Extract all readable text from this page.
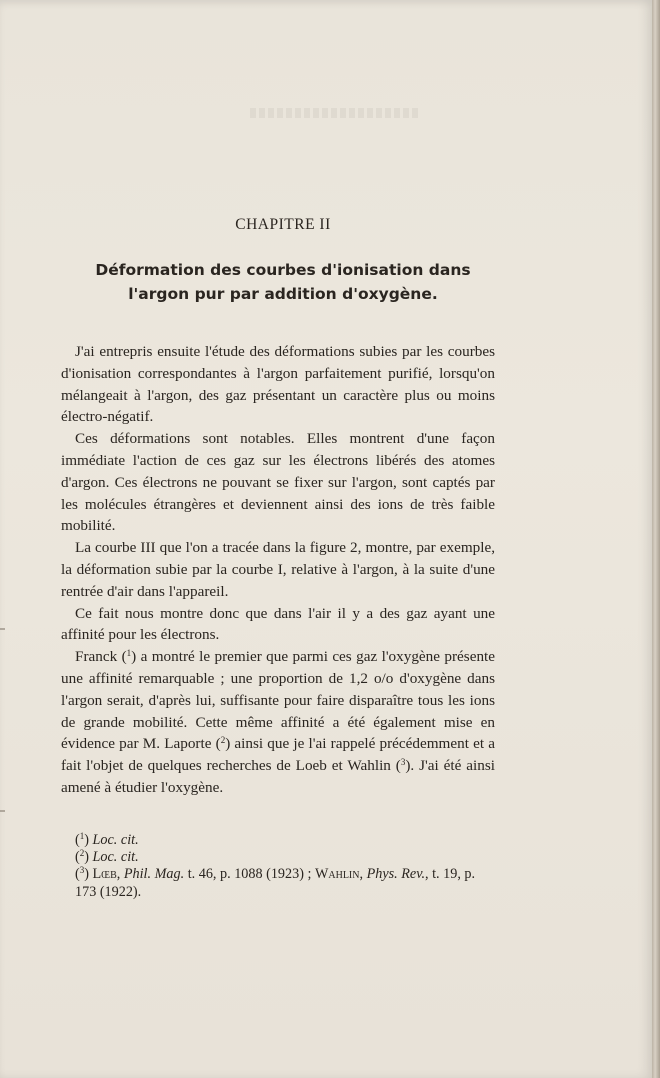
CHAPITRE II
Déformation des courbes d'ionisation dans
l'argon pur par addition d'oxygène.

J'ai entrepris ensuite l'étude des déformations subies par les courbes d'ionisation correspondantes à l'argon parfaitement purifié, lorsqu'on mélangeait à l'argon, des gaz présentant un caractère plus ou moins électro-négatif.

Ces déformations sont notables. Elles montrent d'une façon immédiate l'action de ces gaz sur les électrons libérés des atomes d'argon. Ces électrons ne pouvant se fixer sur l'argon, sont captés par les molécules étrangères et deviennent ainsi des ions de très faible mobilité.

La courbe III que l'on a tracée dans la figure 2, montre, par exemple, la déformation subie par la courbe I, relative à l'argon, à la suite d'une rentrée d'air dans l'appareil.

Ce fait nous montre donc que dans l'air il y a des gaz ayant une affinité pour les électrons.

Franck ($^1$) a montré le premier que parmi ces gaz l'oxygène présente une affinité remarquable ; une proportion de 1,2 o/o d'oxygène dans l'argon serait, d'après lui, suffisante pour faire disparaître tous les ions de grande mobilité. Cette même affinité a été également mise en évidence par M. Laporte ($^2$) ainsi que je l'ai rappelé précédemment et a fait l'objet de quelques recherches de Loeb et Wahlin ($^3$). J'ai été ainsi amené à étudier l'oxygène.

($^1$) Loc. cit.
($^2$) Loc. cit.
($^3$) Lœb, Phil. Mag. t. 46, p. 1088 (1923) ; Wahlin, Phys. Rev., t. 19, p. 173 (1922).
